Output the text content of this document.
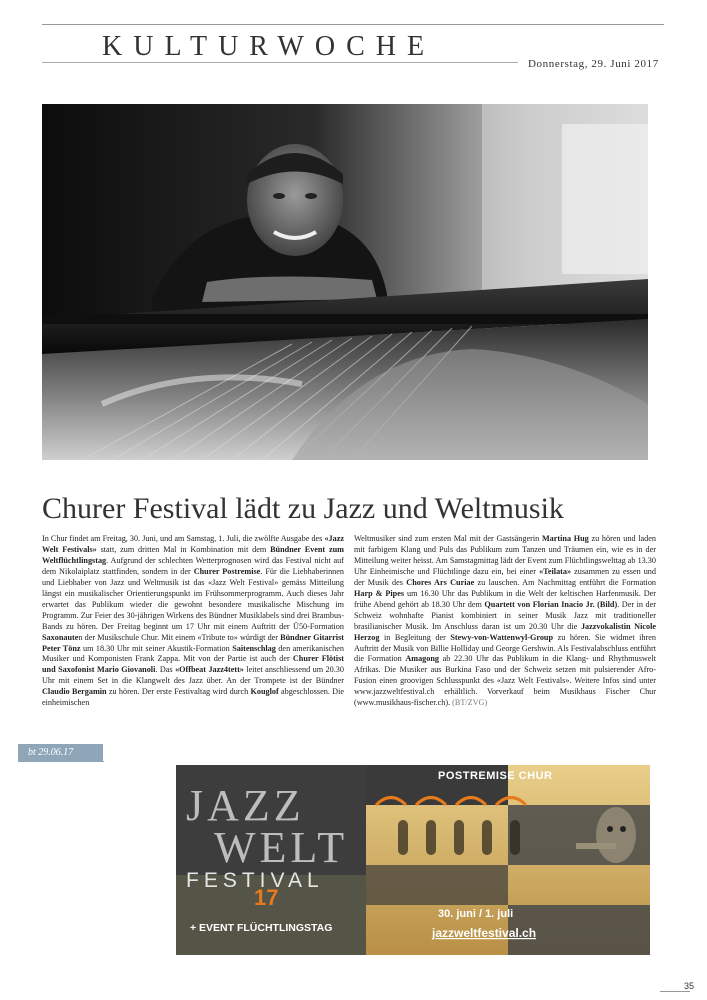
KULTURWOCHE
Donnerstag, 29. Juni 2017
Churer Festival lädt zu Jazz und Weltmusik
In Chur findet am Freitag, 30. Juni, und am Samstag, 1. Juli, die zwölfte Ausgabe des «Jazz Welt Festivals» statt, zum dritten Mal in Kombination mit dem Bündner Event zum Weltflüchtlingstag. Aufgrund der schlechten Wetterprognosen wird das Festival nicht auf dem Nikolaiplatz stattfinden, sondern in der Churer Postremise. Für die Liebhaberinnen und Liebhaber von Jazz und Weltmusik ist das «Jazz Welt Festival» gemäss Mitteilung längst ein musikalischer Orientierungspunkt im Frühsommerprogramm. Auch dieses Jahr erwartet das Publikum wieder die gewohnt besondere musikalische Mischung im Programm. Zur Feier des 30-jährigen Wirkens des Bündner Musiklabels sind drei Brambus-Bands zu hören. Der Freitag beginnt um 17 Uhr mit einem Auftritt der Ü50-Formation Saxonauten der Musikschule Chur. Mit einem «Tribute to» würdigt der Bündner Gitarrist Peter Tönz um 18.30 Uhr mit seiner Akustik-Formation Saitenschlag den amerikanischen Musiker und Komponisten Frank Zappa. Mit von der Partie ist auch der Churer Flötist und Saxofonist Mario Giovanoli. Das «Offbeat Jazz4tett» leitet anschliessend um 20.30 Uhr mit einem Set in die Klangwelt des Jazz über. An der Trompete ist der Bündner Claudio Bergamin zu hören. Der erste Festivaltag wird durch Kouglof abgeschlossen. Die einheimischen
Weltmusiker sind zum ersten Mal mit der Gastsängerin Martina Hug zu hören und laden mit farbigem Klang und Puls das Publikum zum Tanzen und Träumen ein, wie es in der Mitteilung weiter heisst. Am Samstagmittag lädt der Event zum Flüchtlingswelttag ab 13.30 Uhr Einheimische und Flüchtlinge dazu ein, bei einer «Teilata» zusammen zu essen und der Musik des Chores Ars Curiae zu lauschen. Am Nachmittag entführt die Formation Harp & Pipes um 16.30 Uhr das Publikum in die Welt der keltischen Harfenmusik. Der frühe Abend gehört ab 18.30 Uhr dem Quartett von Florian Inacio Jr. (Bild). Der in der Schweiz wohnhafte Pianist kombiniert in seiner Musik Jazz mit traditioneller brasilianischer Musik. Im Anschluss daran ist um 20.30 Uhr die Jazzvokalistin Nicole Herzog in Begleitung der Stewy-von-Wattenwyl-Group zu hören. Sie widmet ihren Auftritt der Musik von Billie Holliday und George Gershwin. Als Festivalabschluss entführt die Formation Amagong ab 22.30 Uhr das Publikum in die Klang- und Rhythmuswelt Afrikas. Die Musiker aus Burkina Faso und der Schweiz setzen mit pulsierender Afro-Fusion einen groovigen Schlusspunkt des «Jazz Welt Festivals». Weitere Infos sind unter www.jazzweltfestival.ch erhältlich. Vorverkauf beim Musikhaus Fischer Chur (www.musikhaus-fischer.ch). (BT/ZVG)
bt 29.06.17
JAZZ
WELT
FESTIVAL
17
+ EVENT FLÜCHTLINGSTAG
POSTREMISE CHUR
30. juni / 1. juli
jazzweltfestival.ch
35
